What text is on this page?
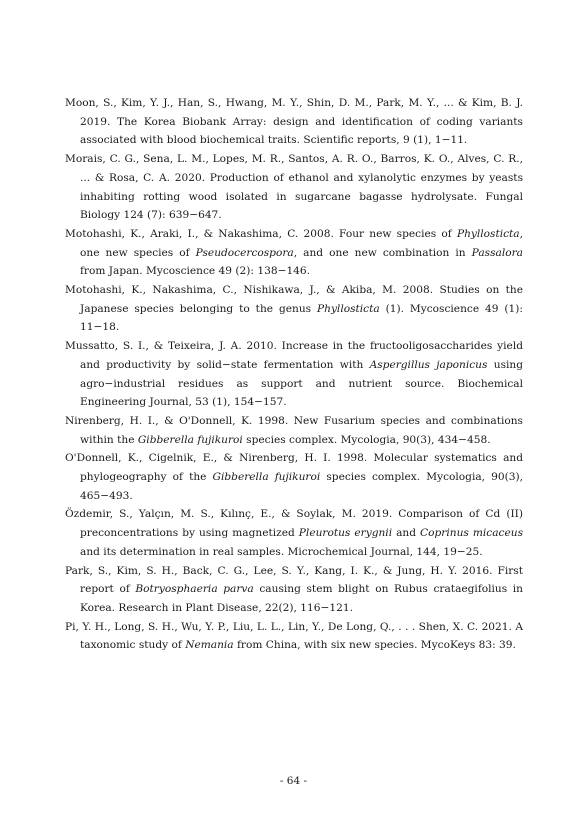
Moon, S., Kim, Y. J., Han, S., Hwang, M. Y., Shin, D. M., Park, M. Y., ... & Kim, B. J. 2019. The Korea Biobank Array: design and identification of coding variants associated with blood biochemical traits. Scientific reports, 9 (1), 1−11.
Morais, C. G., Sena, L. M., Lopes, M. R., Santos, A. R. O., Barros, K. O., Alves, C. R., ... & Rosa, C. A. 2020. Production of ethanol and xylanolytic enzymes by yeasts inhabiting rotting wood isolated in sugarcane bagasse hydrolysate. Fungal Biology 124 (7): 639−647.
Motohashi, K., Araki, I., & Nakashima, C. 2008. Four new species of Phyllosticta, one new species of Pseudocercospora, and one new combination in Passalora from Japan. Mycoscience 49 (2): 138−146.
Motohashi, K., Nakashima, C., Nishikawa, J., & Akiba, M. 2008. Studies on the Japanese species belonging to the genus Phyllosticta (1). Mycoscience 49 (1): 11−18.
Mussatto, S. I., & Teixeira, J. A. 2010. Increase in the fructooligosaccharides yield and productivity by solid−state fermentation with Aspergillus japonicus using agro−industrial residues as support and nutrient source. Biochemical Engineering Journal, 53 (1), 154−157.
Nirenberg, H. I., & O'Donnell, K. 1998. New Fusarium species and combinations within the Gibberella fujikuroi species complex. Mycologia, 90(3), 434−458.
O'Donnell, K., Cigelnik, E., & Nirenberg, H. I. 1998. Molecular systematics and phylogeography of the Gibberella fujikuroi species complex. Mycologia, 90(3), 465−493.
Özdemir, S., Yalçın, M. S., Kılınç, E., & Soylak, M. 2019. Comparison of Cd (II) preconcentrations by using magnetized Pleurotus erygnii and Coprinus micaceus and its determination in real samples. Microchemical Journal, 144, 19−25.
Park, S., Kim, S. H., Back, C. G., Lee, S. Y., Kang, I. K., & Jung, H. Y. 2016. First report of Botryosphaeria parva causing stem blight on Rubus crataegifolius in Korea. Research in Plant Disease, 22(2), 116−121.
Pi, Y. H., Long, S. H., Wu, Y. P., Liu, L. L., Lin, Y., De Long, Q., . . . Shen, X. C. 2021. A taxonomic study of Nemania from China, with six new species. MycoKeys 83: 39.
- 64 -
